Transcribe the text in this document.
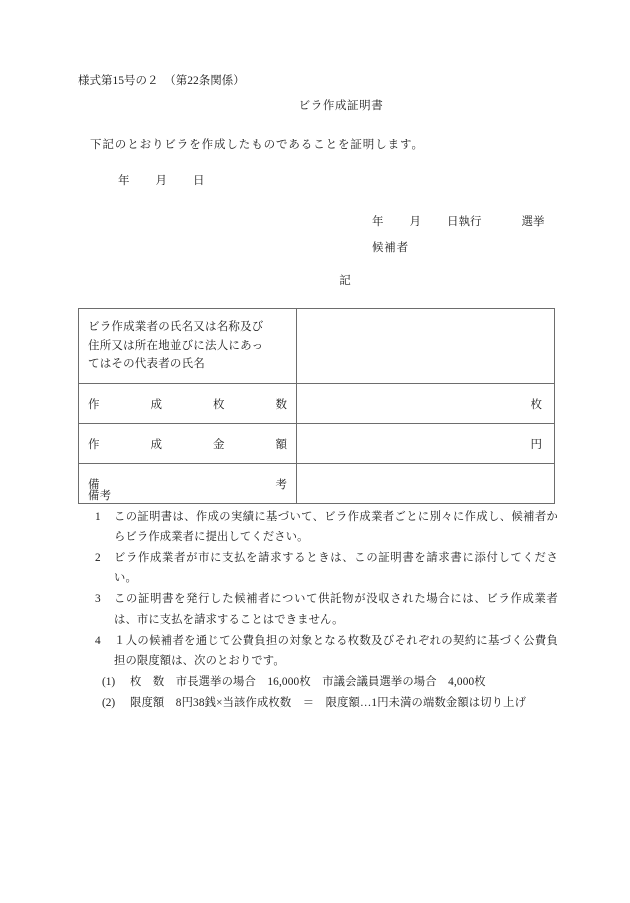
様式第15号の２　（第22条関係）
ビラ作成証明書
下記のとおりビラを作成したものであることを証明します。
年 月 日
年 月 日執行	選挙
候補者
記
ビラ作成業者の氏名又は名称及び
住所又は所在地並びに法人にあっ
てはその代表者の氏名	

作 成 枚 数	枚

作 成 金 額	円

備 考	

備考
1 この証明書は、作成の実績に基づいて、ビラ作成業者ごとに別々に作成し、候補者からビラ作成業者に提出してください。
2 ビラ作成業者が市に支払を請求するときは、この証明書を請求書に添付してください。
3 この証明書を発行した候補者について供託物が没収された場合には、ビラ作成業者は、市に支払を請求することはできません。
4 １人の候補者を通じて公費負担の対象となる枚数及びそれぞれの契約に基づく公費負担の限度額は、次のとおりです。
(1) 枚　数　市長選挙の場合　16,000枚　市議会議員選挙の場合　4,000枚
(2) 限度額　8円38銭×当該作成枚数　＝　限度額…1円未満の端数金額は切り上げ
